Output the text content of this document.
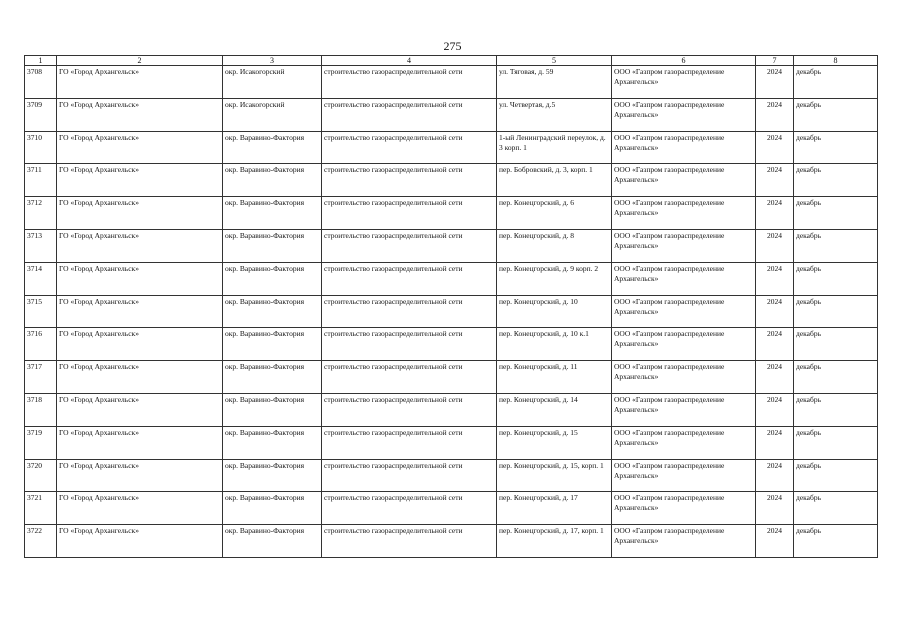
275
1	2	3	4	5	6	7	8
3708	ГО «Город Архангельск»	окр. Исакогорский	строительство газораспределительной сети	ул. Тяговая, д. 59	ООО «Газпром газораспределение Архангельск»	2024	декабрь
3709	ГО «Город Архангельск»	окр. Исакогорский	строительство газораспределительной сети	ул. Четвертая, д.5	ООО «Газпром газораспределение Архангельск»	2024	декабрь
3710	ГО «Город Архангельск»	окр. Варавино-Фактория	строительство газораспределительной сети	1-ый Ленинградский переулок, д. 3 корп. 1	ООО «Газпром газораспределение Архангельск»	2024	декабрь
3711	ГО «Город Архангельск»	окр. Варавино-Фактория	строительство газораспределительной сети	пер. Бобровский, д. 3, корп. 1	ООО «Газпром газораспределение Архангельск»	2024	декабрь
3712	ГО «Город Архангельск»	окр. Варавино-Фактория	строительство газораспределительной сети	пер. Конецгорский, д. 6	ООО «Газпром газораспределение Архангельск»	2024	декабрь
3713	ГО «Город Архангельск»	окр. Варавино-Фактория	строительство газораспределительной сети	пер. Конецгорский, д. 8	ООО «Газпром газораспределение Архангельск»	2024	декабрь
3714	ГО «Город Архангельск»	окр. Варавино-Фактория	строительство газораспределительной сети	пер. Конецгорский, д. 9 корп. 2	ООО «Газпром газораспределение Архангельск»	2024	декабрь
3715	ГО «Город Архангельск»	окр. Варавино-Фактория	строительство газораспределительной сети	пер. Конецгорский, д. 10	ООО «Газпром газораспределение Архангельск»	2024	декабрь
3716	ГО «Город Архангельск»	окр. Варавино-Фактория	строительство газораспределительной сети	пер. Конецгорский, д. 10 к.1	ООО «Газпром газораспределение Архангельск»	2024	декабрь
3717	ГО «Город Архангельск»	окр. Варавино-Фактория	строительство газораспределительной сети	пер. Конецгорский, д. 11	ООО «Газпром газораспределение Архангельск»	2024	декабрь
3718	ГО «Город Архангельск»	окр. Варавино-Фактория	строительство газораспределительной сети	пер. Конецгорский, д. 14	ООО «Газпром газораспределение Архангельск»	2024	декабрь
3719	ГО «Город Архангельск»	окр. Варавино-Фактория	строительство газораспределительной сети	пер. Конецгорский, д. 15	ООО «Газпром газораспределение Архангельск»	2024	декабрь
3720	ГО «Город Архангельск»	окр. Варавино-Фактория	строительство газораспределительной сети	пер. Конецгорский, д. 15, корп. 1	ООО «Газпром газораспределение Архангельск»	2024	декабрь
3721	ГО «Город Архангельск»	окр. Варавино-Фактория	строительство газораспределительной сети	пер. Конецгорский, д. 17	ООО «Газпром газораспределение Архангельск»	2024	декабрь
3722	ГО «Город Архангельск»	окр. Варавино-Фактория	строительство газораспределительной сети	пер. Конецгорский, д. 17, корп. 1	ООО «Газпром газораспределение Архангельск»	2024	декабрь
